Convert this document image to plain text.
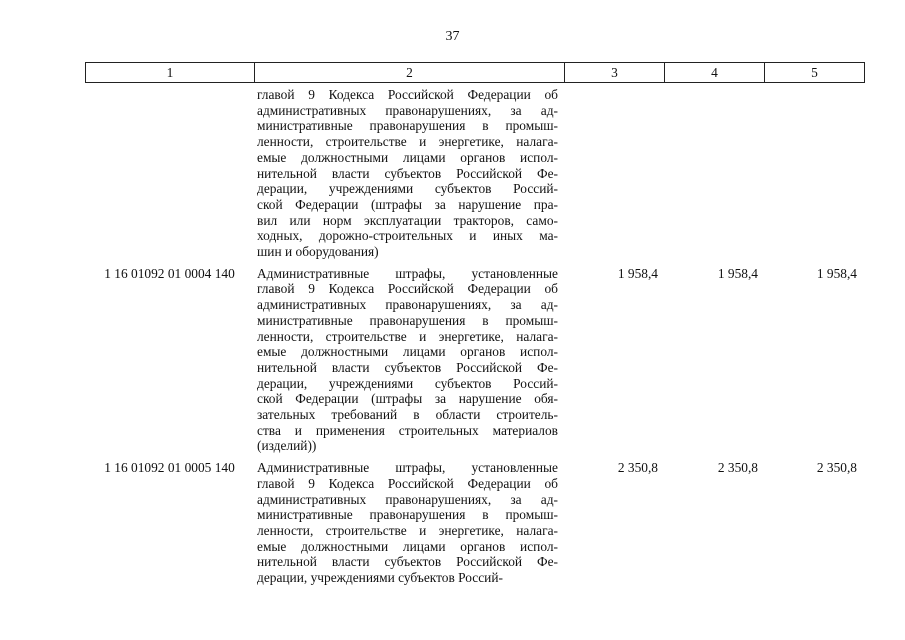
37
1	2	3	4	5
главой 9 Кодекса Российской Федерации об
административных правонарушениях, за ад-
министративные правонарушения в промыш-
ленности, строительстве и энергетике, налага-
емые должностными лицами органов испол-
нительной власти субъектов Российской Фе-
дерации, учреждениями субъектов Россий-
ской Федерации (штрафы за нарушение пра-
вил или норм эксплуатации тракторов, само-
ходных, дорожно-строительных и иных ма-
шин и оборудования)
1 16 01092 01 0004 140	Административные штрафы, установленные
главой 9 Кодекса Российской Федерации об
административных правонарушениях, за ад-
министративные правонарушения в промыш-
ленности, строительстве и энергетике, налага-
емые должностными лицами органов испол-
нительной власти субъектов Российской Фе-
дерации, учреждениями субъектов Россий-
ской Федерации (штрафы за нарушение обя-
зательных требований в области строитель-
ства и применения строительных материалов
(изделий))
1 958,4	1 958,4	1 958,4
1 16 01092 01 0005 140	Административные штрафы, установленные
главой 9 Кодекса Российской Федерации об
административных правонарушениях, за ад-
министративные правонарушения в промыш-
ленности, строительстве и энергетике, налага-
емые должностными лицами органов испол-
нительной власти субъектов Российской Фе-
дерации, учреждениями субъектов Россий-
2 350,8	2 350,8	2 350,8
